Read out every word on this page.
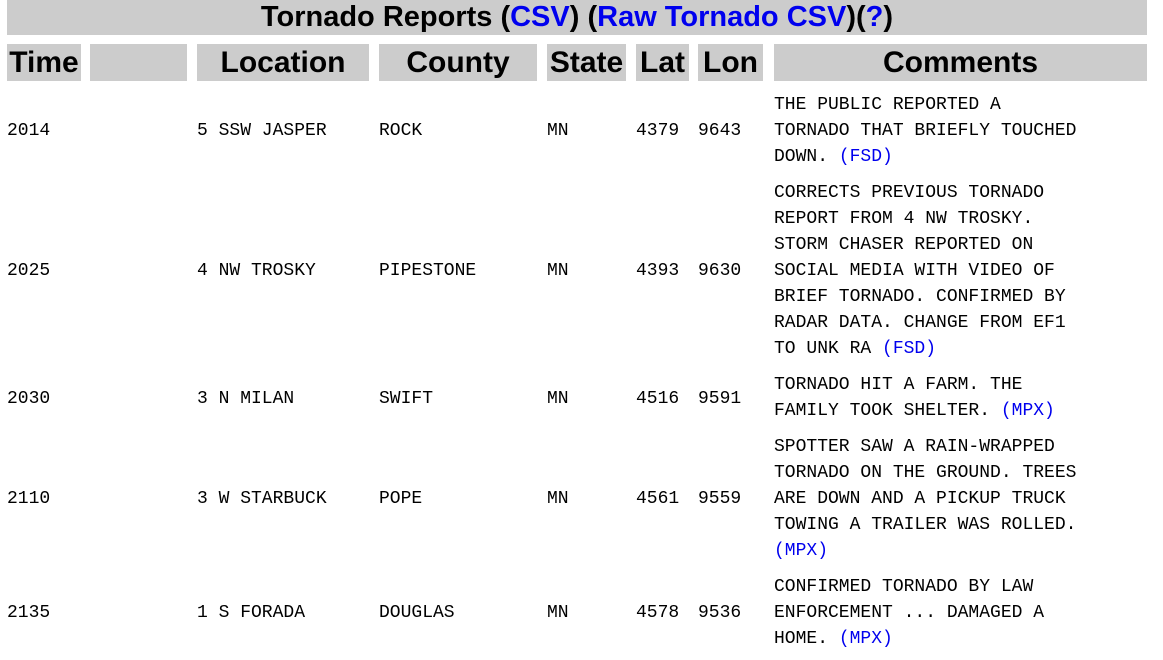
Tornado Reports (CSV) (Raw Tornado CSV)(?)
Time	Location	County	State Lat Lon	Comments
2014	5 SSW JASPER	ROCK	MN	4379 9643
THE PUBLIC REPORTED A
TORNADO THAT BRIEFLY TOUCHED
DOWN. (FSD)
2025	4 NW TROSKY	PIPESTONE	MN	4393 9630
CORRECTS PREVIOUS TORNADO
REPORT FROM 4 NW TROSKY.
STORM CHASER REPORTED ON
SOCIAL MEDIA WITH VIDEO OF
BRIEF TORNADO. CONFIRMED BY
RADAR DATA. CHANGE FROM EF1
TO UNK RA (FSD)
2030	3 N MILAN	SWIFT	MN	4516 9591
TORNADO HIT A FARM. THE
FAMILY TOOK SHELTER. (MPX)
2110	3 W STARBUCK	POPE	MN	4561 9559
SPOTTER SAW A RAIN-WRAPPED
TORNADO ON THE GROUND. TREES
ARE DOWN AND A PICKUP TRUCK
TOWING A TRAILER WAS ROLLED.
(MPX)
2135	1 S FORADA	DOUGLAS	MN	4578 9536
CONFIRMED TORNADO BY LAW
ENFORCEMENT ... DAMAGED A
HOME. (MPX)
